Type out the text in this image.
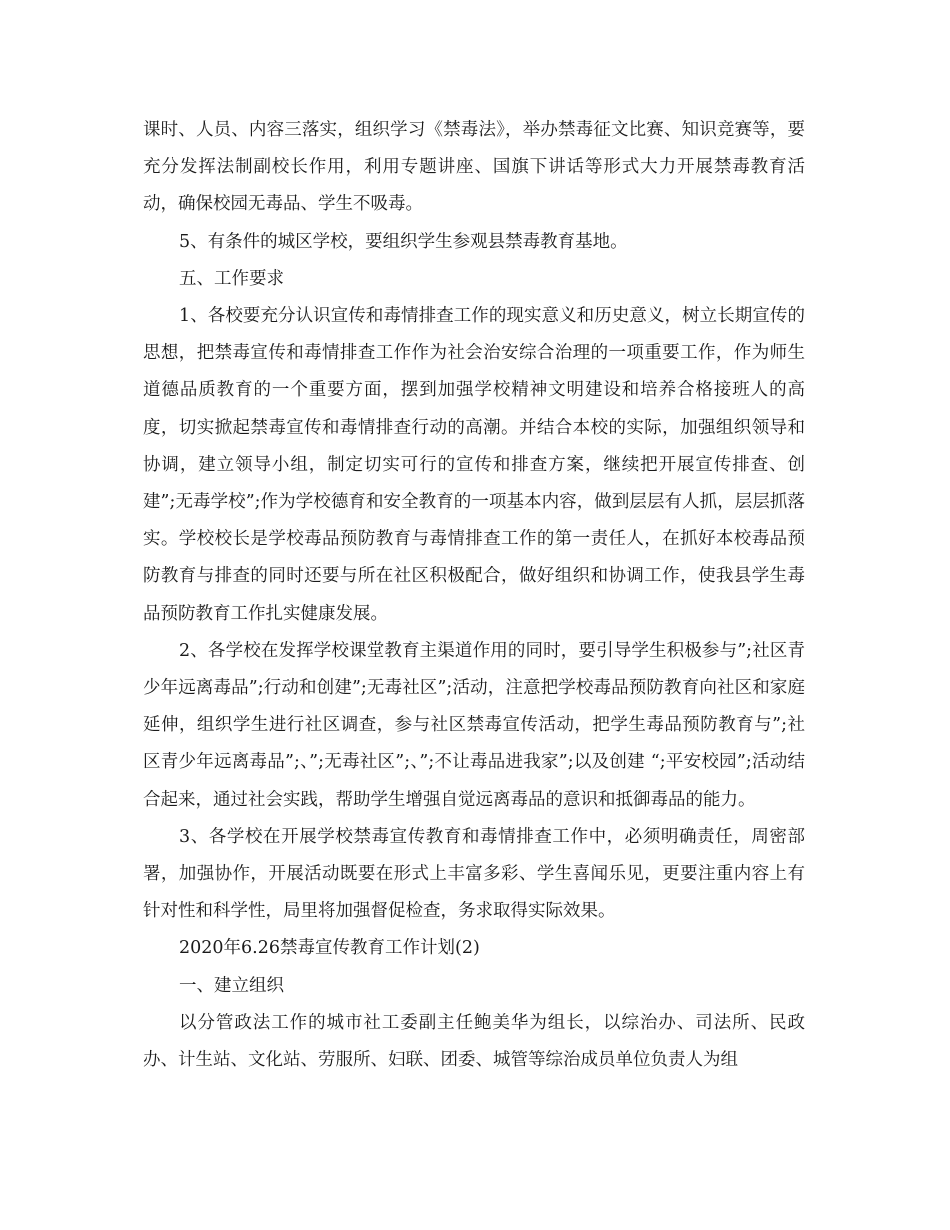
课时、人员、内容三落实，组织学习《禁毒法》，举办禁毒征文比赛、知识竞赛等，要充分发挥法制副校长作用，利用专题讲座、国旗下讲话等形式大力开展禁毒教育活动，确保校园无毒品、学生不吸毒。

5、有条件的城区学校，要组织学生参观县禁毒教育基地。

五、工作要求

1、各校要充分认识宣传和毒情排查工作的现实意义和历史意义，树立长期宣传的思想，把禁毒宣传和毒情排查工作作为社会治安综合治理的一项重要工作，作为师生道德品质教育的一个重要方面，摆到加强学校精神文明建设和培养合格接班人的高度，切实掀起禁毒宣传和毒情排查行动的高潮。并结合本校的实际，加强组织领导和协调，建立领导小组，制定切实可行的宣传和排查方案，继续把开展宣传排查、创建”;无毒学校”;作为学校德育和安全教育的一项基本内容，做到层层有人抓，层层抓落实。学校校长是学校毒品预防教育与毒情排查工作的第一责任人，在抓好本校毒品预防教育与排查的同时还要与所在社区积极配合，做好组织和协调工作，使我县学生毒品预防教育工作扎实健康发展。

2、各学校在发挥学校课堂教育主渠道作用的同时，要引导学生积极参与”;社区青少年远离毒品”;行动和创建”;无毒社区”;活动，注意把学校毒品预防教育向社区和家庭延伸，组织学生进行社区调查，参与社区禁毒宣传活动，把学生毒品预防教育与”;社区青少年远离毒品”;、”;无毒社区”;、”;不让毒品进我家”;以及创建 “;平安校园”;活动结合起来，通过社会实践，帮助学生增强自觉远离毒品的意识和抵御毒品的能力。

3、各学校在开展学校禁毒宣传教育和毒情排查工作中，必须明确责任，周密部署，加强协作，开展活动既要在形式上丰富多彩、学生喜闻乐见，更要注重内容上有针对性和科学性，局里将加强督促检查，务求取得实际效果。

2020年6.26禁毒宣传教育工作计划(2)

一、建立组织

以分管政法工作的城市社工委副主任鲍美华为组长，以综治办、司法所、民政办、计生站、文化站、劳服所、妇联、团委、城管等综治成员单位负责人为组
